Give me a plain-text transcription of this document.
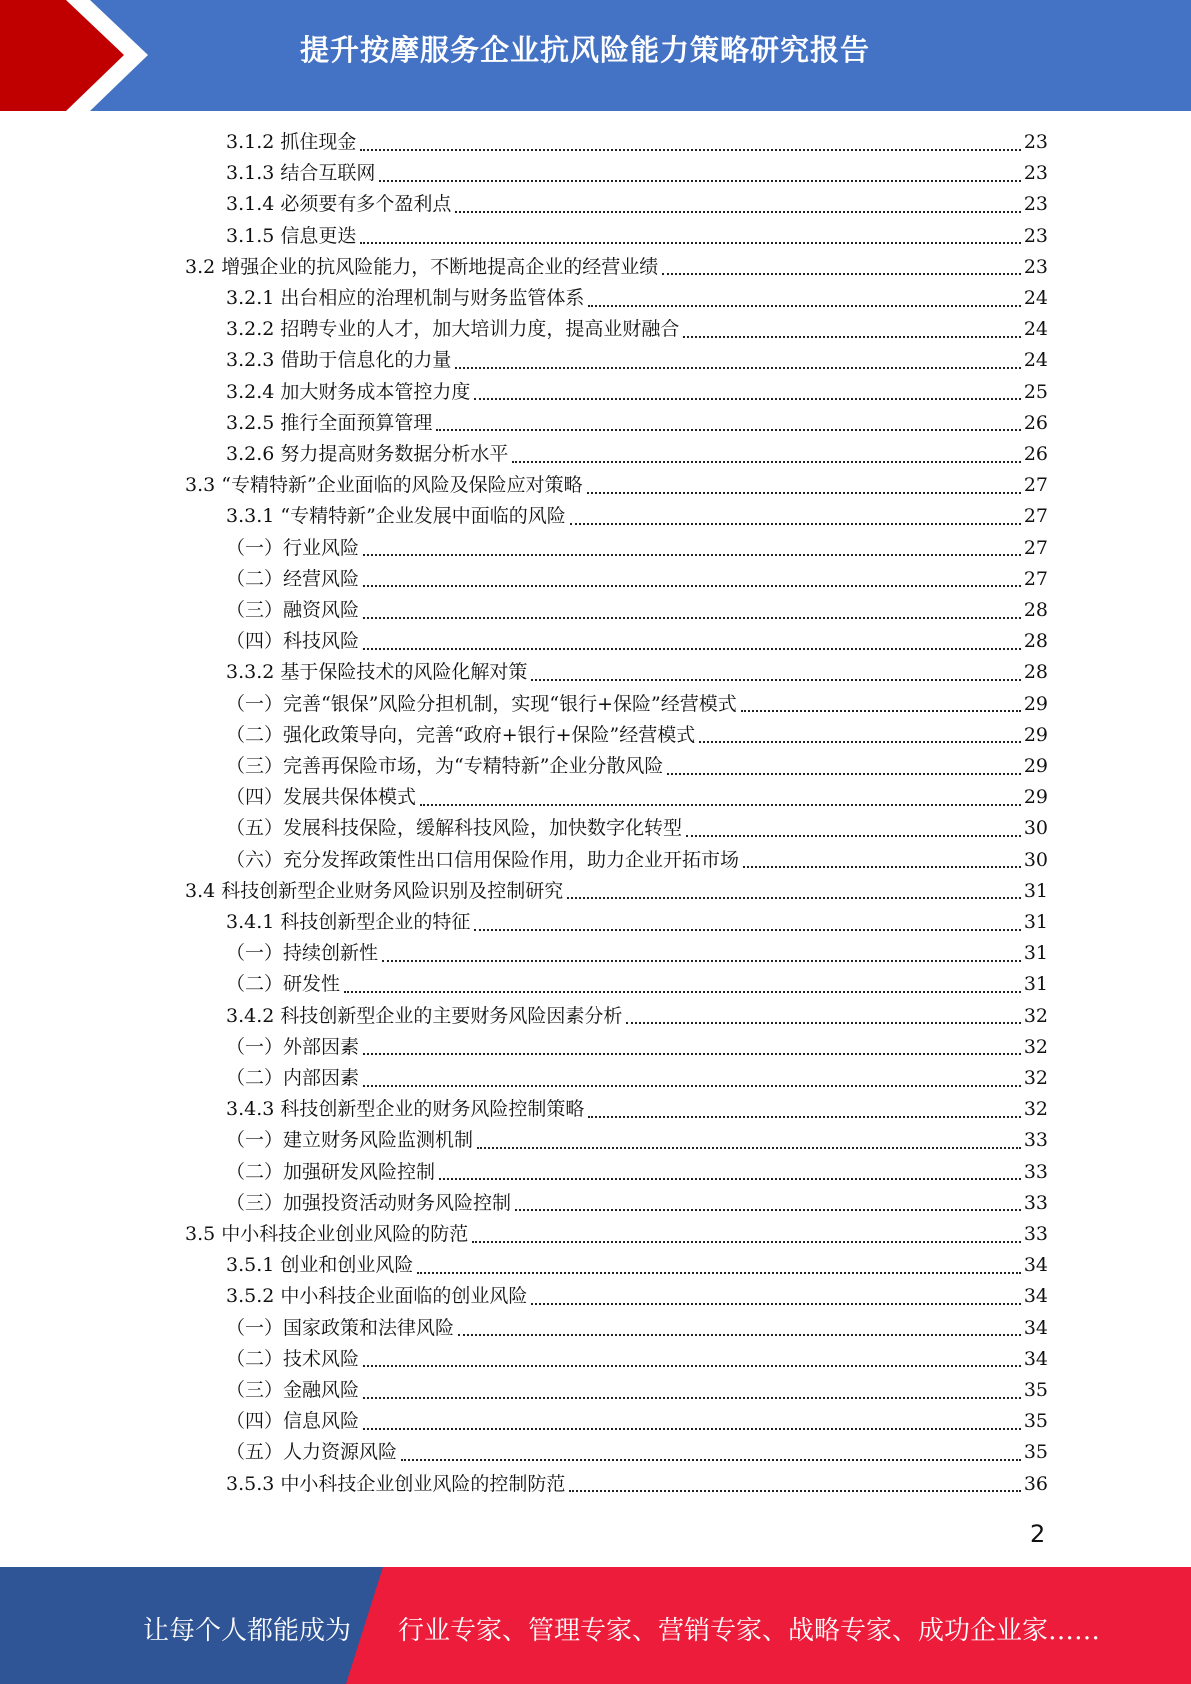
提升按摩服务企业抗风险能力策略研究报告
3.1.2 抓住现金	23
3.1.3 结合互联网	23
3.1.4 必须要有多个盈利点	23
3.1.5 信息更迭	23
3.2 增强企业的抗风险能力，不断地提高企业的经营业绩	23
3.2.1 出台相应的治理机制与财务监管体系	24
3.2.2 招聘专业的人才，加大培训力度，提高业财融合	24
3.2.3 借助于信息化的力量	24
3.2.4 加大财务成本管控力度	25
3.2.5 推行全面预算管理	26
3.2.6 努力提高财务数据分析水平	26
3.3 “专精特新”企业面临的风险及保险应对策略	27
3.3.1 “专精特新”企业发展中面临的风险	27
（一）行业风险	27
（二）经营风险	27
（三）融资风险	28
（四）科技风险	28
3.3.2 基于保险技术的风险化解对策	28
（一）完善“银保”风险分担机制，实现“银行+保险”经营模式	29
（二）强化政策导向，完善“政府+银行+保险”经营模式	29
（三）完善再保险市场，为“专精特新”企业分散风险	29
（四）发展共保体模式	29
（五）发展科技保险，缓解科技风险，加快数字化转型	30
（六）充分发挥政策性出口信用保险作用，助力企业开拓市场	30
3.4 科技创新型企业财务风险识别及控制研究	31
3.4.1 科技创新型企业的特征	31
（一）持续创新性	31
（二）研发性	31
3.4.2 科技创新型企业的主要财务风险因素分析	32
（一）外部因素	32
（二）内部因素	32
3.4.3 科技创新型企业的财务风险控制策略	32
（一）建立财务风险监测机制	33
（二）加强研发风险控制	33
（三）加强投资活动财务风险控制	33
3.5 中小科技企业创业风险的防范	33
3.5.1 创业和创业风险	34
3.5.2 中小科技企业面临的创业风险	34
（一）国家政策和法律风险	34
（二）技术风险	34
（三）金融风险	35
（四）信息风险	35
（五）人力资源风险	35
3.5.3 中小科技企业创业风险的控制防范	36
2
让每个人都能成为 行业专家、管理专家、营销专家、战略专家、成功企业家……
